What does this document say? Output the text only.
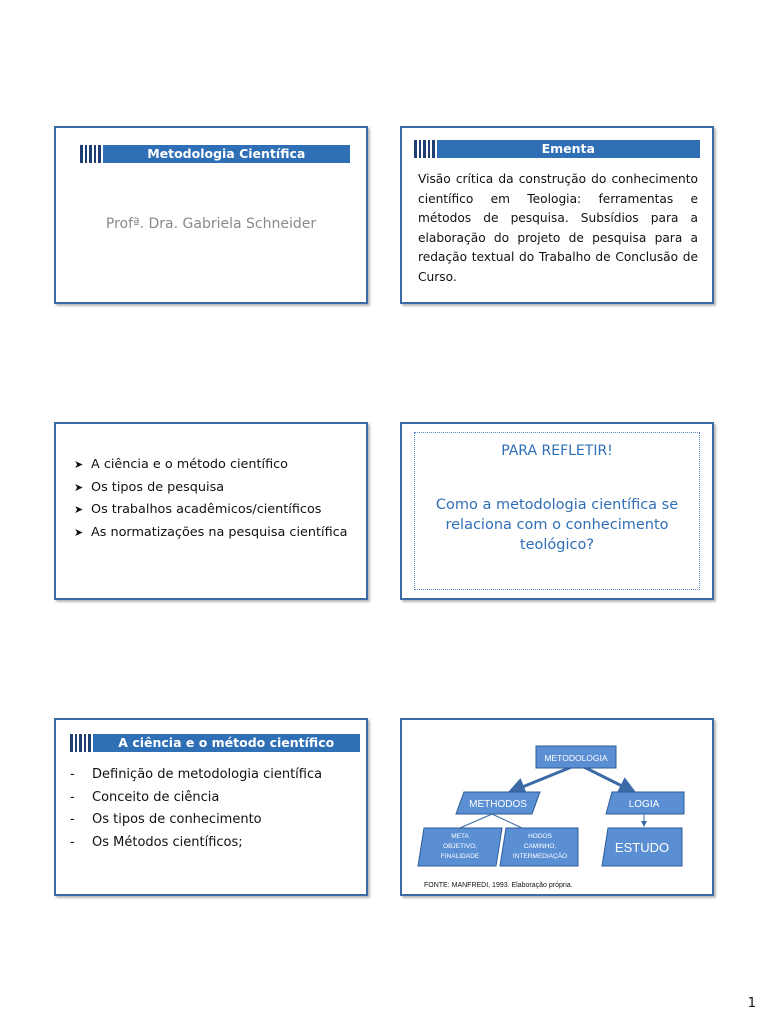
Metodologia Científica
Profª. Dra. Gabriela Schneider
Ementa
Visão crítica da construção do conhecimento científico em Teologia: ferramentas e métodos de pesquisa. Subsídios para a elaboração do projeto de pesquisa para a redação textual do Trabalho de Conclusão de Curso.
➤ A ciência e o método científico
➤ Os tipos de pesquisa
➤ Os trabalhos acadêmicos/científicos
➤ As normatizações na pesquisa científica
PARA REFLETIR!
Como a metodologia científica se
relaciona com o conhecimento
teológico?
A ciência e o método científico
- Definição de metodologia científica
- Conceito de ciência
- Os tipos de conhecimento
- Os Métodos científicos;
METODOLOGIA
METHODOS	LOGIA
META
OBJETIVO,
FINALIDADE
HODOS
CAMINHO,
INTERMEDIAÇÃO
ESTUDO
FONTE: MANFREDI, 1993. Elaboração própria.
1
